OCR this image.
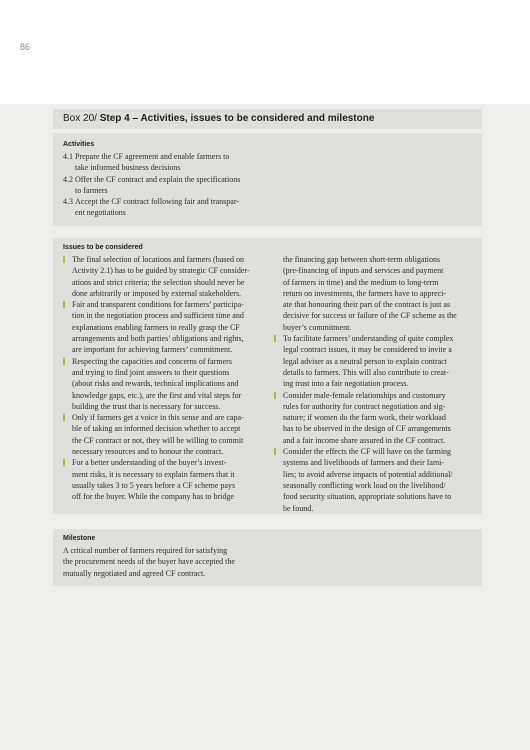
86
Box 20/ Step 4 – Activities, issues to be considered and milestone

Activities

4.1 Prepare the CF agreement and enable farmers to
take informed business decisions
4.2 Offer the CF contract and explain the specifications
to farmers
4.3 Accept the CF contract following fair and transpar-
ent negotiations

Issues to be considered

The final selection of locations and farmers (based on
Activity 2.1) has to be guided by strategic CF consider-
ations and strict criteria; the selection should never be
done arbitrarily or imposed by external stakeholders.
Fair and transparent conditions for farmers’ participa-
tion in the negotiation process and sufficient time and
explanations enabling farmers to really grasp the CF
arrangements and both parties’ obligations and rights,
are important for achieving farmers’ commitment.
Respecting the capacities and concerns of farmers
and trying to find joint answers to their questions
(about risks and rewards, technical implications and
knowledge gaps, etc.), are the first and vital steps for
building the trust that is necessary for success.
Only if farmers get a voice in this sense and are capa-
ble of taking an informed decision whether to accept
the CF contract or not, they will be willing to commit
necessary resources and to honour the contract.
For a better understanding of the buyer’s invest-
ment risks, it is necessary to explain farmers that it
usually takes 3 to 5 years before a CF scheme pays
off for the buyer. While the company has to bridge
the financing gap between short-term obligations
(pre-financing of inputs and services and payment
of farmers in time) and the medium to long-term
return on investments, the farmers have to appreci-
ate that honouring their part of the contract is just as
decisive for success or failure of the CF scheme as the
buyer’s commitment.
To facilitate farmers’ understanding of quite complex
legal contract issues, it may be considered to invite a
legal adviser as a neutral person to explain contract
details to farmers. This will also contribute to creat-
ing trust into a fair negotiation process.
Consider male-female relationships and customary
rules for authority for contract negotiation and sig-
nature; if women do the farm work, their workload
has to be observed in the design of CF arrangements
and a fair income share assured in the CF contract.
Consider the effects the CF will have on the farming
systems and livelihoods of farmers and their fami-
lies; to avoid adverse impacts of potential additional/
seasonally conflicting work load on the livelihood/
food security situation, appropriate solutions have to
be found.

Milestone

A critical number of farmers required for satisfying
the procurement needs of the buyer have accepted the
mutually negotiated and agreed CF contract.
